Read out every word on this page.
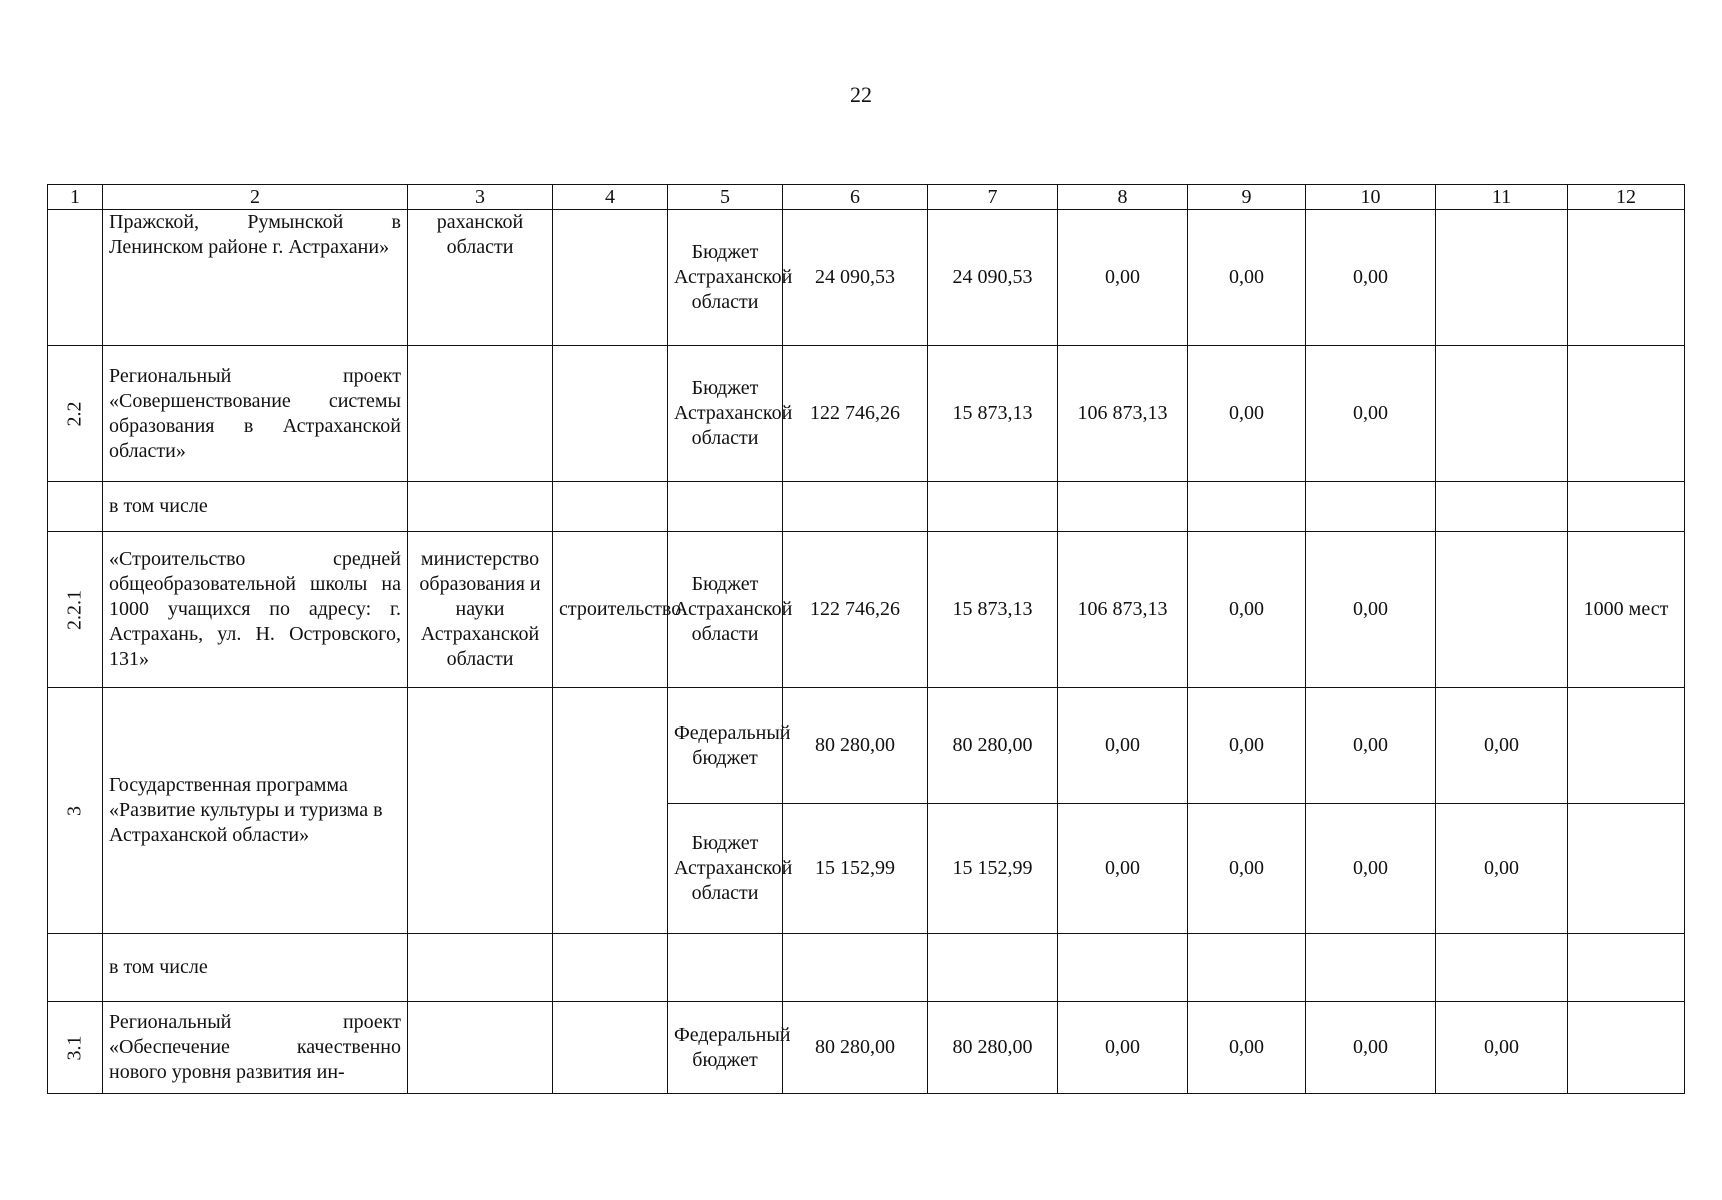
22
1	2	3	4	5	6	7	8	9	10	11	12
	Пражской, Румынской в Ленинском районе г. Астрахани»	раханской области		Бюджет Астраханской области	24 090,53	24 090,53	0,00	0,00	0,00		

2.2	Региональный проект «Совершенствование системы образования в Астраханской области»			Бюджет Астраханской области	122 746,26	15 873,13	106 873,13	0,00	0,00		
	в том числе										

2.2.1	«Строительство средней общеобразовательной школы на 1000 учащихся по адресу: г. Астрахань, ул. Н. Островского, 131»	министерство образования и науки Астраханской области	строительство	Бюджет Астраханской области	122 746,26	15 873,13	106 873,13	0,00	0,00		1000 мест

3	Государственная программа «Развитие культуры и туризма в Астраханской области»			Федеральный бюджет	80 280,00	80 280,00	0,00	0,00	0,00	0,00	
				Бюджет Астраханской области	15 152,99	15 152,99	0,00	0,00	0,00	0,00	
	в том числе										

3.1	Региональный проект «Обеспечение качественно нового уровня развития ин-			Федеральный бюджет	80 280,00	80 280,00	0,00	0,00	0,00	0,00	
